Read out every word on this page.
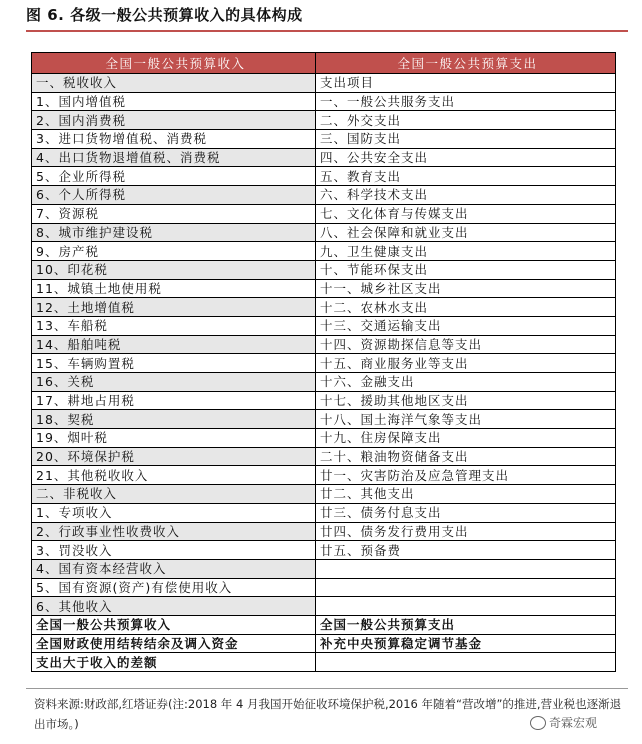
图 6. 各级一般公共预算收入的具体构成
全国一般公共预算收入	全国一般公共预算支出
一、税收收入	支出项目
1、国内增值税	一、一般公共服务支出
2、国内消费税	二、外交支出
3、进口货物增值税、消费税	三、国防支出
4、出口货物退增值税、消费税	四、公共安全支出
5、企业所得税	五、教育支出
6、个人所得税	六、科学技术支出
7、资源税	七、文化体育与传媒支出
8、城市维护建设税	八、社会保障和就业支出
9、房产税	九、卫生健康支出
10、印花税	十、节能环保支出
11、城镇土地使用税	十一、城乡社区支出
12、土地增值税	十二、农林水支出
13、车船税	十三、交通运输支出
14、船舶吨税	十四、资源勘探信息等支出
15、车辆购置税	十五、商业服务业等支出
16、关税	十六、金融支出
17、耕地占用税	十七、援助其他地区支出
18、契税	十八、国土海洋气象等支出
19、烟叶税	十九、住房保障支出
20、环境保护税	二十、粮油物资储备支出
21、其他税收收入	廿一、灾害防治及应急管理支出
二、非税收入	廿二、其他支出
1、专项收入	廿三、债务付息支出
2、行政事业性收费收入	廿四、债务发行费用支出
3、罚没收入	廿五、预备费
4、国有资本经营收入	
5、国有资源(资产)有偿使用收入	
6、其他收入	
全国一般公共预算收入	全国一般公共预算支出
全国财政使用结转结余及调入资金	补充中央预算稳定调节基金
支出大于收入的差额	
资料来源:财政部,红塔证券(注:2018 年 4 月我国开始征收环境保护税,2016 年随着“营改增”的推进,营业税也逐渐退出市场。)	奇霖宏观
